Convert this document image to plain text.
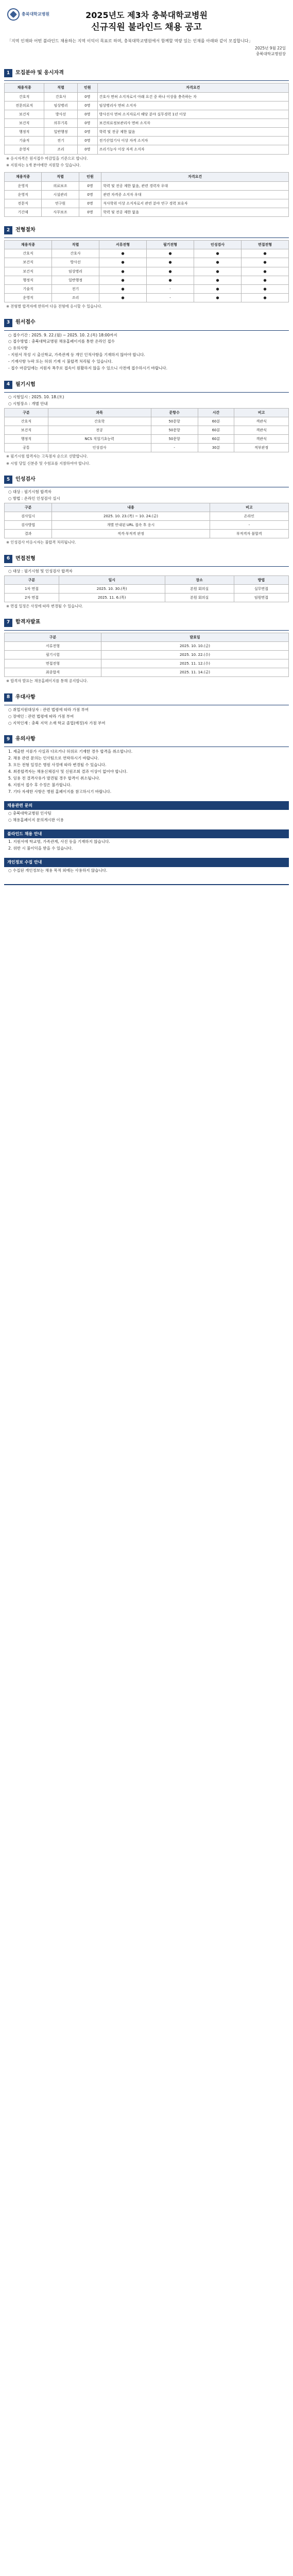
충북대학교병원	2025년도 제3차 충북대학교병원
신규직원 불라인드 채용 공고
「지역 인재와 어떤 불라인드 채용하는 지역 이익이 목표로 하며, 충북대학교병원에서 함께할 역량 있는 인재를 아래와 같이 모집합니다」
2025년 9월 22일
충북대학교병원장
1	모집분야 및 응시자격
채용직종	직렬	인원	자격요건
간호직	간호사	0명	간호사 면허 소지자로서 아래 요건 중 하나 이상을 충족하는 자
전문의료직	임상병리	0명	임상병리사 면허 소지자
보건직	방사선	0명	방사선사 면허 소지자로서 해당 분야 실무경력 1년 이상
보건직	의무기록	0명	보건의료정보관리사 면허 소지자
행정직	일반행정	0명	학력 및 전공 제한 없음
기술직	전기	0명	전기산업기사 이상 자격 소지자
운영직	조리	0명	조리기능사 이상 자격 소지자
※ 응시자격은 원서접수 마감일을 기준으로 합니다.
※ 지원자는 1개 분야에만 지원할 수 있습니다.
채용직종	직렬	인원	자격요건
운영직	의료보조	0명	학력 및 전공 제한 없음, 관련 경력자 우대
운영직	시설관리	0명	관련 자격증 소지자 우대
전문직	연구원	0명	석사학위 이상 소지자로서 관련 분야 연구 경력 보유자
기간제	사무보조	0명	학력 및 전공 제한 없음
2	전형절차
채용직종	직렬	서류전형	필기전형	인성검사	면접전형
간호직	간호사	●	●	●	●
보건직	방사선	●	●	●	●
보건직	임상병리	●	●	●	●
행정직	일반행정	●	●	●	●
기술직	전기	●	-	●	●
운영직	조리	●	-	●	●
※ 전형별 합격자에 한하여 다음 전형에 응시할 수 있습니다.
3	원서접수
○ 접수기간 : 2025. 9. 22.(월) ~ 2025. 10. 2.(목) 18:00까지
○ 접수방법 : 충북대학교병원 채용홈페이지를 통한 온라인 접수
○ 유의사항
- 지원서 작성 시 출신학교, 가족관계 등 개인 인적사항을 기재하지 않아야 합니다.
- 기재사항 누락 또는 허위 기재 시 불합격 처리될 수 있습니다.
- 접수 마감일에는 지원자 폭주로 접속이 원활하지 않을 수 있으니 사전에 접수하시기 바랍니다.
4	필기시험
○ 시험일시 : 2025. 10. 18.(토)
○ 시험장소 : 개별 안내
구분	과목	문항수	시간	비고
간호직	간호학	50문항	60분	객관식
보건직	전공	50문항	60분	객관식
행정직	NCS 직업기초능력	50문항	60분	객관식
공통	인성검사	-	30분	적부판정
※ 필기시험 합격자는 고득점자 순으로 선발합니다.
※ 시험 당일 신분증 및 수험표를 지참하여야 합니다.
5	인성검사
○ 대상 : 필기시험 합격자
○ 방법 : 온라인 인성검사 실시
구분	내용	비고
검사일시	2025. 10. 23.(목) ~ 10. 24.(금)	온라인
검사방법	개별 안내된 URL 접속 후 응시	-
결과	적격·부적격 판정	부적격자 불합격
※ 인성검사 미응시자는 불합격 처리됩니다.
6	면접전형
○ 대상 : 필기시험 및 인성검사 합격자
구분	일시	장소	방법
1차 면접	2025. 10. 30.(목)	본원 회의실	실무면접
2차 면접	2025. 11. 6.(목)	본원 회의실	임원면접
※ 면접 일정은 사정에 따라 변경될 수 있습니다.
7	합격자발표
구분	발표일
서류전형	2025. 10. 10.(금)
필기시험	2025. 10. 22.(수)
면접전형	2025. 11. 12.(수)
최종합격	2025. 11. 14.(금)
※ 합격자 발표는 채용홈페이지를 통해 공지합니다.
8	우대사항
○ 취업지원대상자 : 관련 법령에 따라 가점 부여
○ 장애인 : 관련 법령에 따라 가점 부여
○ 지역인재 : 충북 지역 소재 학교 졸업(예정)자 가점 부여
9	유의사항
1. 제출한 서류가 사실과 다르거나 허위로 기재한 경우 합격을 취소합니다.
2. 채용 관련 문의는 인사팀으로 연락하시기 바랍니다.
3. 모든 전형 일정은 병원 사정에 따라 변경될 수 있습니다.
4. 최종합격자는 채용신체검사 및 신원조회 결과 이상이 없어야 합니다.
5. 임용 전 결격사유가 발견될 경우 합격이 취소됩니다.
6. 지원서 접수 후 수정은 불가합니다.
7. 기타 자세한 사항은 병원 홈페이지를 참고하시기 바랍니다.
채용관련 문의
○ 충북대학교병원 인사팀
○ 채용홈페이지 문의게시판 이용
블라인드 채용 안내
1. 지원서에 학교명, 가족관계, 사진 등을 기재하지 않습니다.
2. 위반 시 불이익을 받을 수 있습니다.
개인정보 수집 안내
○ 수집된 개인정보는 채용 목적 외에는 사용하지 않습니다.
